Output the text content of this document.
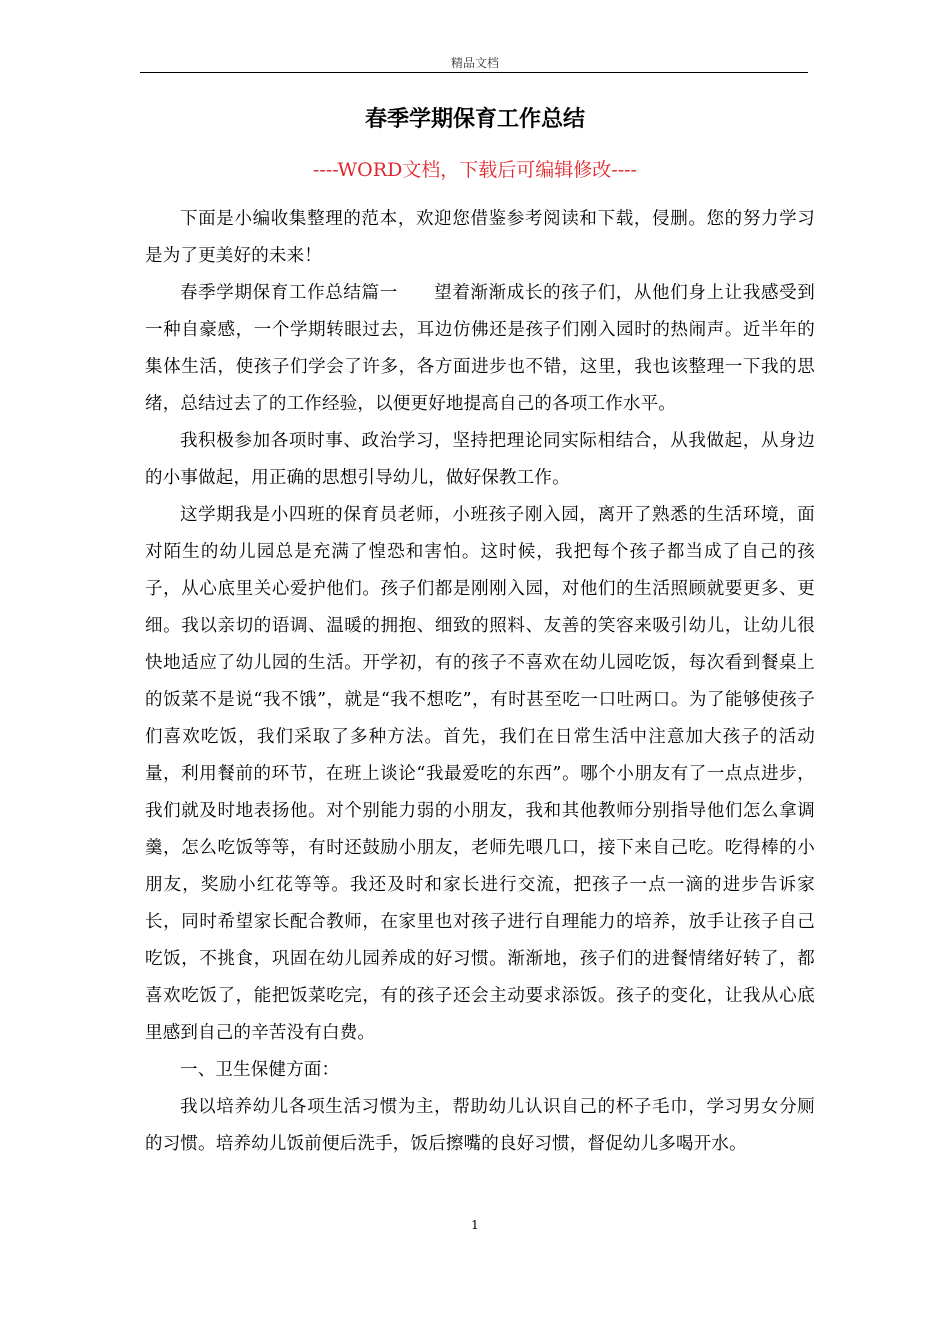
精品文档
春季学期保育工作总结
----WORD文档，下载后可编辑修改----

下面是小编收集整理的范本，欢迎您借鉴参考阅读和下载，侵删。您的努力学习是为了更美好的未来！

春季学期保育工作总结篇一　　望着渐渐成长的孩子们，从他们身上让我感受到一种自豪感，一个学期转眼过去，耳边仿佛还是孩子们刚入园时的热闹声。近半年的集体生活，使孩子们学会了许多，各方面进步也不错，这里，我也该整理一下我的思绪，总结过去了的工作经验，以便更好地提高自己的各项工作水平。

我积极参加各项时事、政治学习，坚持把理论同实际相结合，从我做起，从身边的小事做起，用正确的思想引导幼儿，做好保教工作。

这学期我是小四班的保育员老师，小班孩子刚入园，离开了熟悉的生活环境，面对陌生的幼儿园总是充满了惶恐和害怕。这时候，我把每个孩子都当成了自己的孩子，从心底里关心爱护他们。孩子们都是刚刚入园，对他们的生活照顾就要更多、更细。我以亲切的语调、温暖的拥抱、细致的照料、友善的笑容来吸引幼儿，让幼儿很快地适应了幼儿园的生活。开学初，有的孩子不喜欢在幼儿园吃饭，每次看到餐桌上的饭菜不是说“我不饿”，就是“我不想吃”，有时甚至吃一口吐两口。为了能够使孩子们喜欢吃饭，我们采取了多种方法。首先，我们在日常生活中注意加大孩子的活动量，利用餐前的环节，在班上谈论“我最爱吃的东西”。哪个小朋友有了一点点进步，我们就及时地表扬他。对个别能力弱的小朋友，我和其他教师分别指导他们怎么拿调羹，怎么吃饭等等，有时还鼓励小朋友，老师先喂几口，接下来自己吃。吃得棒的小朋友，奖励小红花等等。我还及时和家长进行交流，把孩子一点一滴的进步告诉家长，同时希望家长配合教师，在家里也对孩子进行自理能力的培养，放手让孩子自己吃饭，不挑食，巩固在幼儿园养成的好习惯。渐渐地，孩子们的进餐情绪好转了，都喜欢吃饭了，能把饭菜吃完，有的孩子还会主动要求添饭。孩子的变化，让我从心底里感到自己的辛苦没有白费。

一、卫生保健方面：

我以培养幼儿各项生活习惯为主，帮助幼儿认识自己的杯子毛巾，学习男女分厕的习惯。培养幼儿饭前便后洗手，饭后擦嘴的良好习惯，督促幼儿多喝开水。

1
